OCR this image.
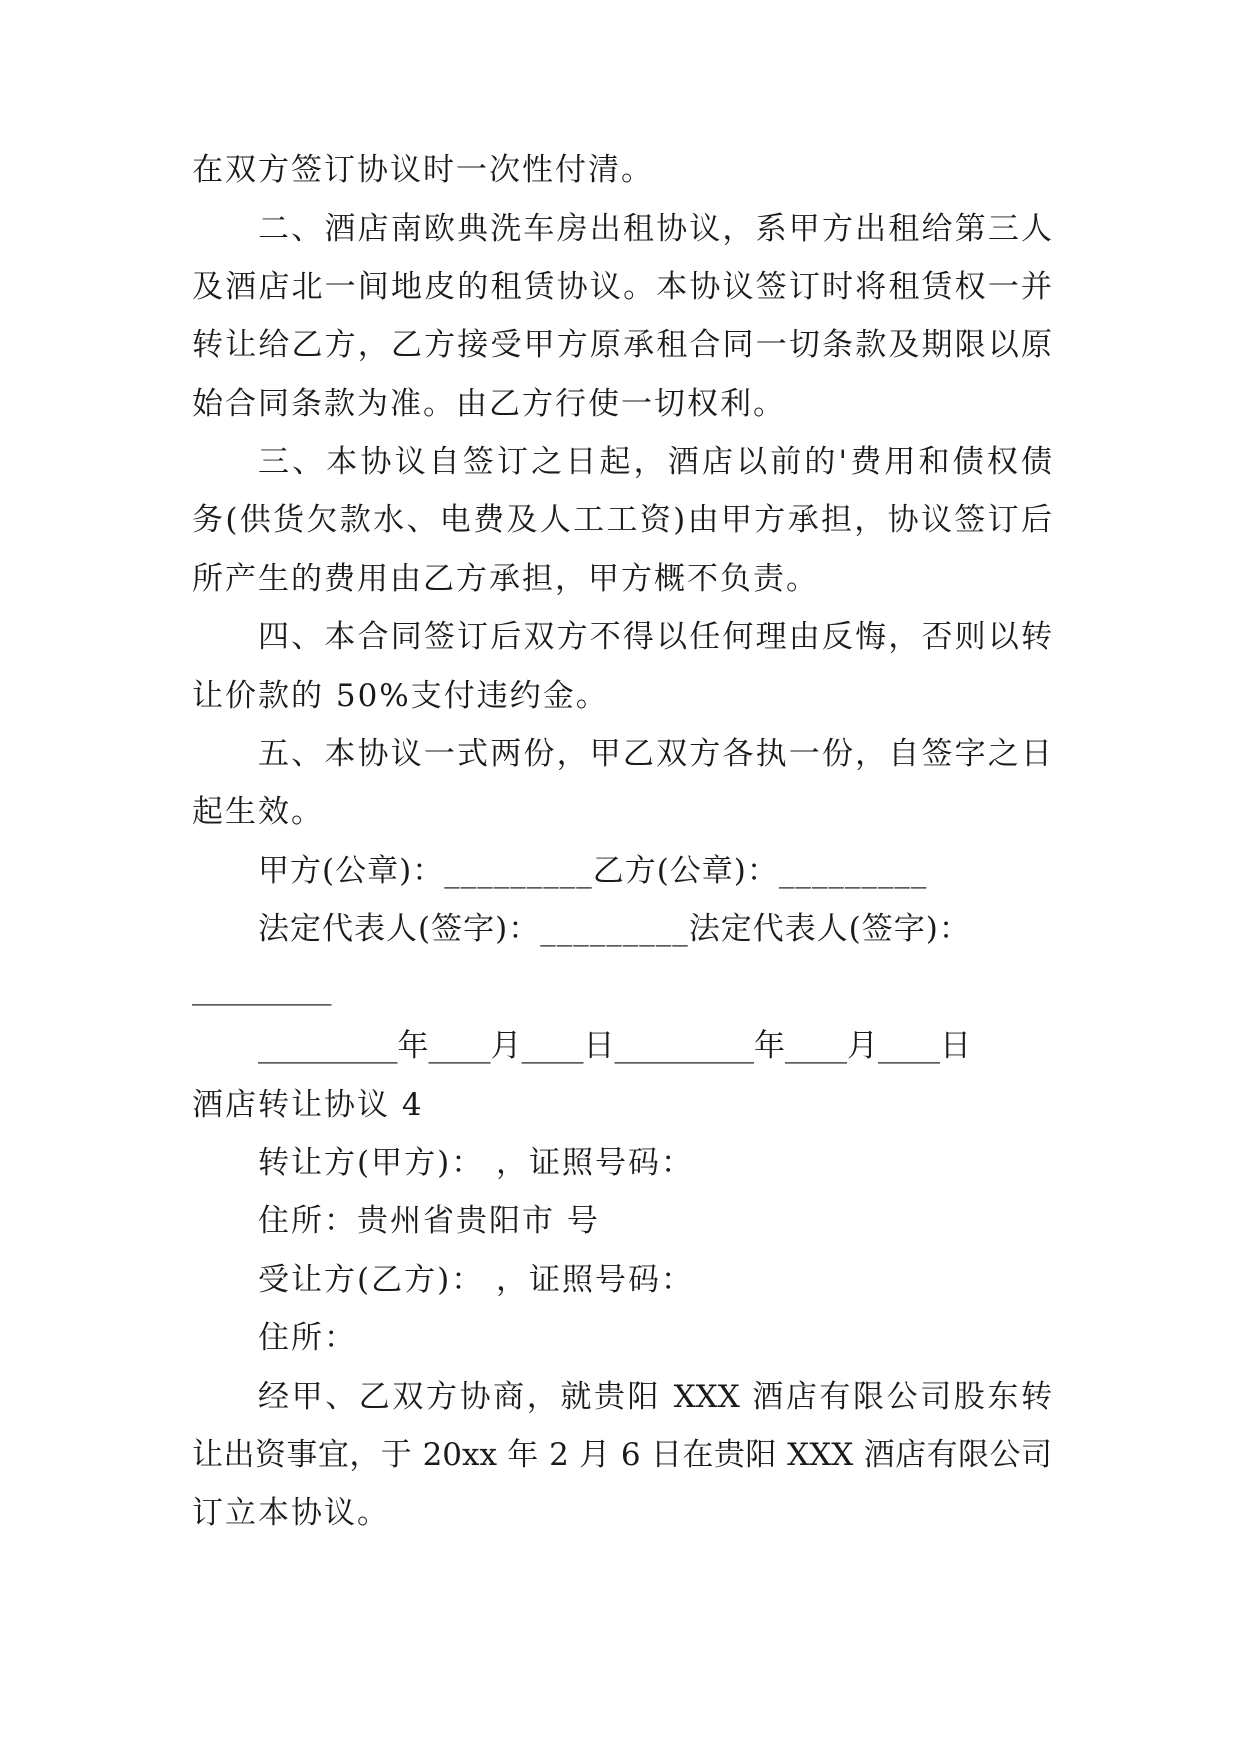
在双方签订协议时一次性付清。
二、酒店南欧典洗车房出租协议，系甲方出租给第三人
及酒店北一间地皮的租赁协议。本协议签订时将租赁权一并
转让给乙方，乙方接受甲方原承租合同一切条款及期限以原
始合同条款为准。由乙方行使一切权利。
三、本协议自签订之日起，酒店以前的'费用和债权债
务(供货欠款水、电费及人工工资)由甲方承担，协议签订后
所产生的费用由乙方承担，甲方概不负责。
四、本合同签订后双方不得以任何理由反悔，否则以转
让价款的 50%支付违约金。
五、本协议一式两份，甲乙双方各执一份，自签字之日
起生效。
甲方(公章)：_________乙方(公章)：_________
法定代表人(签字)：_________法定代表人(签字)：
_________
_________年____月____日_________年____月____日
酒店转让协议 4
转让方(甲方)： ，证照号码：
住所：贵州省贵阳市 号
受让方(乙方)： ，证照号码：
住所：
经甲、乙双方协商，就贵阳 XXX 酒店有限公司股东转
让出资事宜，于 20xx 年 2 月 6 日在贵阳 XXX 酒店有限公司
订立本协议。
